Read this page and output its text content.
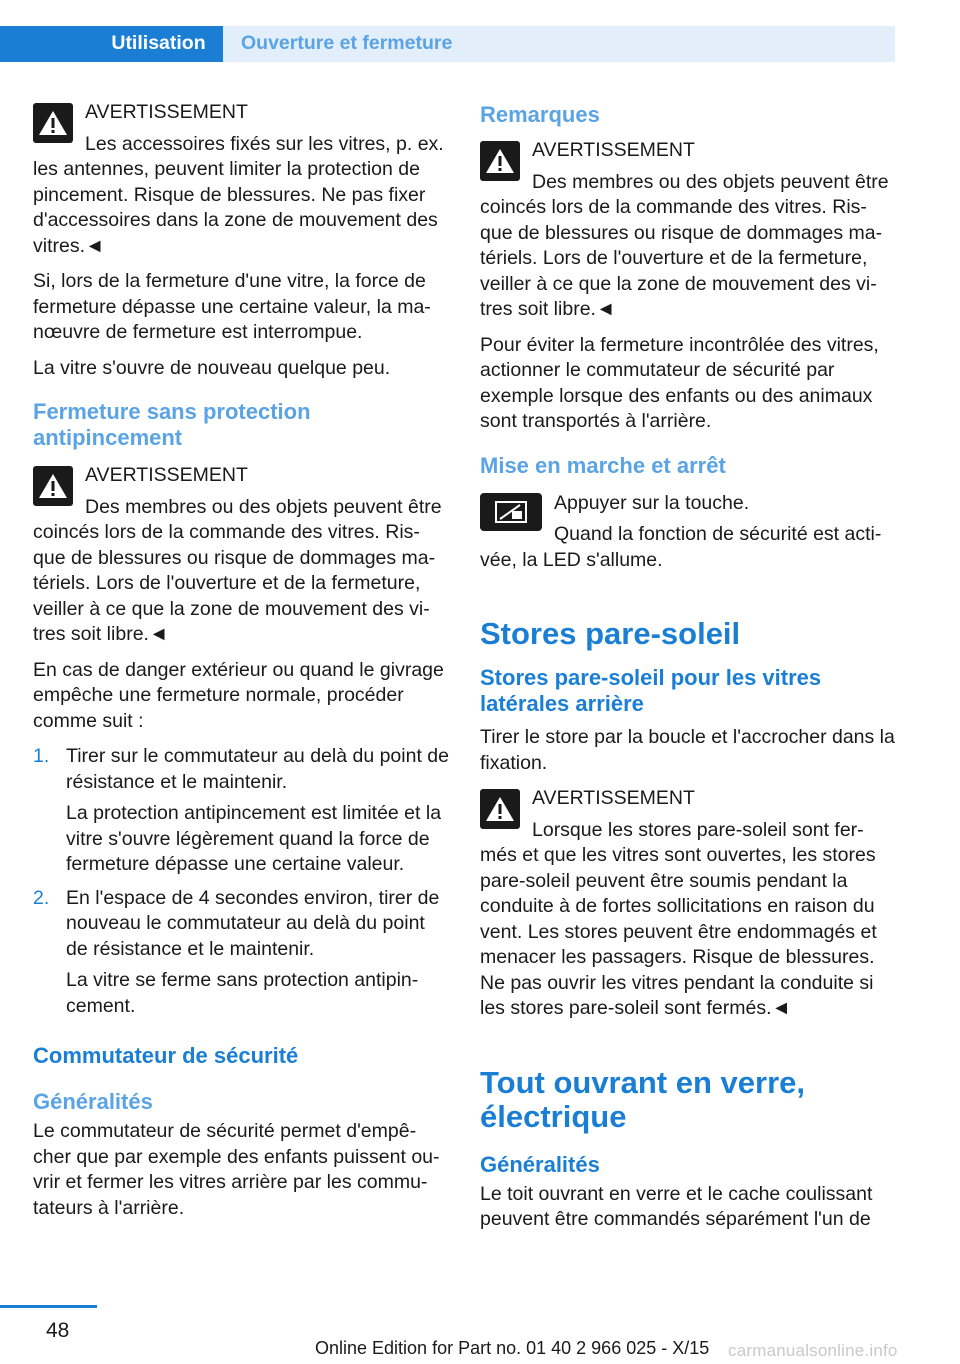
Utilisation	Ouverture et fermeture
AVERTISSEMENT
Les accessoires fixés sur les vitres, p. ex. les antennes, peuvent limiter la protection de pincement. Risque de blessures. Ne pas fixer d'accessoires dans la zone de mouvement des vitres.◄

Si, lors de la fermeture d'une vitre, la force de fermeture dépasse une certaine valeur, la ma‐ nœuvre de fermeture est interrompue.

La vitre s'ouvre de nouveau quelque peu.

Fermeture sans protection antipincement
AVERTISSEMENT
Des membres ou des objets peuvent être coincés lors de la commande des vitres. Ris‐ que de blessures ou risque de dommages ma‐ tériels. Lors de l'ouverture et de la fermeture, veiller à ce que la zone de mouvement des vi‐ tres soit libre.◄

En cas de danger extérieur ou quand le givrage empêche une fermeture normale, procéder comme suit :

1. Tirer sur le commutateur au delà du point de résistance et le maintenir.

La protection antipincement est limitée et la vitre s'ouvre légèrement quand la force de fermeture dépasse une certaine valeur.

2. En l'espace de 4 secondes environ, tirer de nouveau le commutateur au delà du point de résistance et le maintenir.

La vitre se ferme sans protection antipin‐ cement.

Commutateur de sécurité
Généralités

Le commutateur de sécurité permet d'empê‐ cher que par exemple des enfants puissent ou‐ vrir et fermer les vitres arrière par les commu‐ tateurs à l'arrière.

Remarques
AVERTISSEMENT
Des membres ou des objets peuvent être coincés lors de la commande des vitres. Ris‐ que de blessures ou risque de dommages ma‐ tériels. Lors de l'ouverture et de la fermeture, veiller à ce que la zone de mouvement des vi‐ tres soit libre.◄

Pour éviter la fermeture incontrôlée des vitres, actionner le commutateur de sécurité par exemple lorsque des enfants ou des animaux sont transportés à l'arrière.

Mise en marche et arrêt
Appuyer sur la touche.
Quand la fonction de sécurité est acti‐ vée, la LED s'allume.
Stores pare-soleil
Stores pare-soleil pour les vitres latérales arrière

Tirer le store par la boucle et l'accrocher dans la fixation.

AVERTISSEMENT
Lorsque les stores pare-soleil sont fer‐ més et que les vitres sont ouvertes, les stores pare-soleil peuvent être soumis pendant la conduite à de fortes sollicitations en raison du vent. Les stores peuvent être endommagés et menacer les passagers. Risque de blessures. Ne pas ouvrir les vitres pendant la conduite si les stores pare-soleil sont fermés.◄
Tout ouvrant en verre, électrique
Généralités

Le toit ouvrant en verre et le cache coulissant peuvent être commandés séparément l'un de

48
Online Edition for Part no. 01 40 2 966 025 - X/15 carmanualsonline.info
